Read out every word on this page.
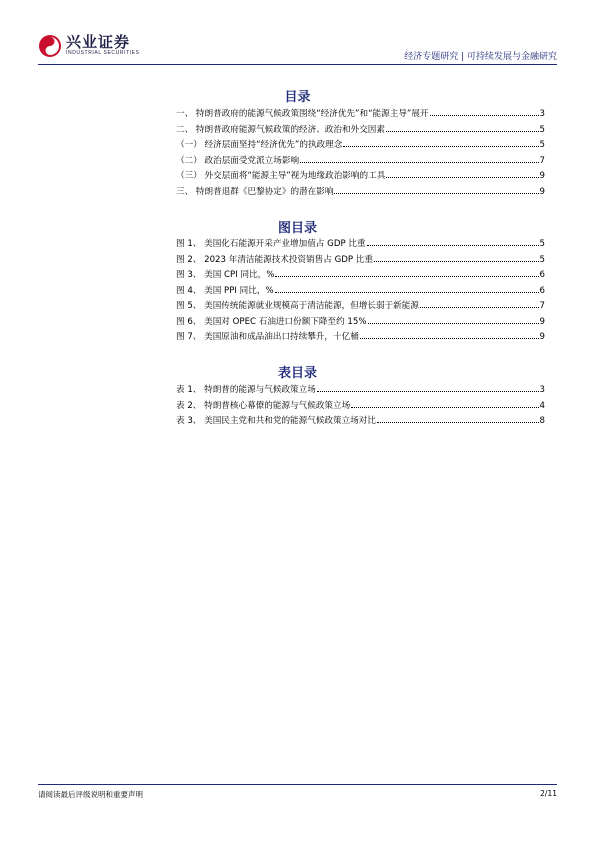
兴业证券
INDUSTRIAL SECURITIES	经济专题研究 | 可持续发展与金融研究
目录
一、 特朗普政府的能源气候政策围绕“经济优先”和“能源主导”展开	3
二、 特朗普政府能源气候政策的经济、政治和外交因素	5
（一） 经济层面坚持“经济优先”的执政理念	5
（二） 政治层面受党派立场影响	7
（三） 外交层面将“能源主导”视为地缘政治影响的工具	9
三、 特朗普退群《巴黎协定》的潜在影响	9
图目录
图 1、 美国化石能源开采产业增加值占 GDP 比重	5
图 2、 2023 年清洁能源技术投资销售占 GDP 比重	5
图 3、 美国 CPI 同比，%	6
图 4、 美国 PPI 同比，%	6
图 5、 美国传统能源就业规模高于清洁能源，但增长弱于新能源	7
图 6、 美国对 OPEC 石油进口份额下降至约 15%	9
图 7、 美国原油和成品油出口持续攀升，十亿桶	9
表目录
表 1、 特朗普的能源与气候政策立场	3
表 2、 特朗普核心幕僚的能源与气候政策立场	4
表 3、 美国民主党和共和党的能源气候政策立场对比	8
请阅读最后评级说明和重要声明	2/11
